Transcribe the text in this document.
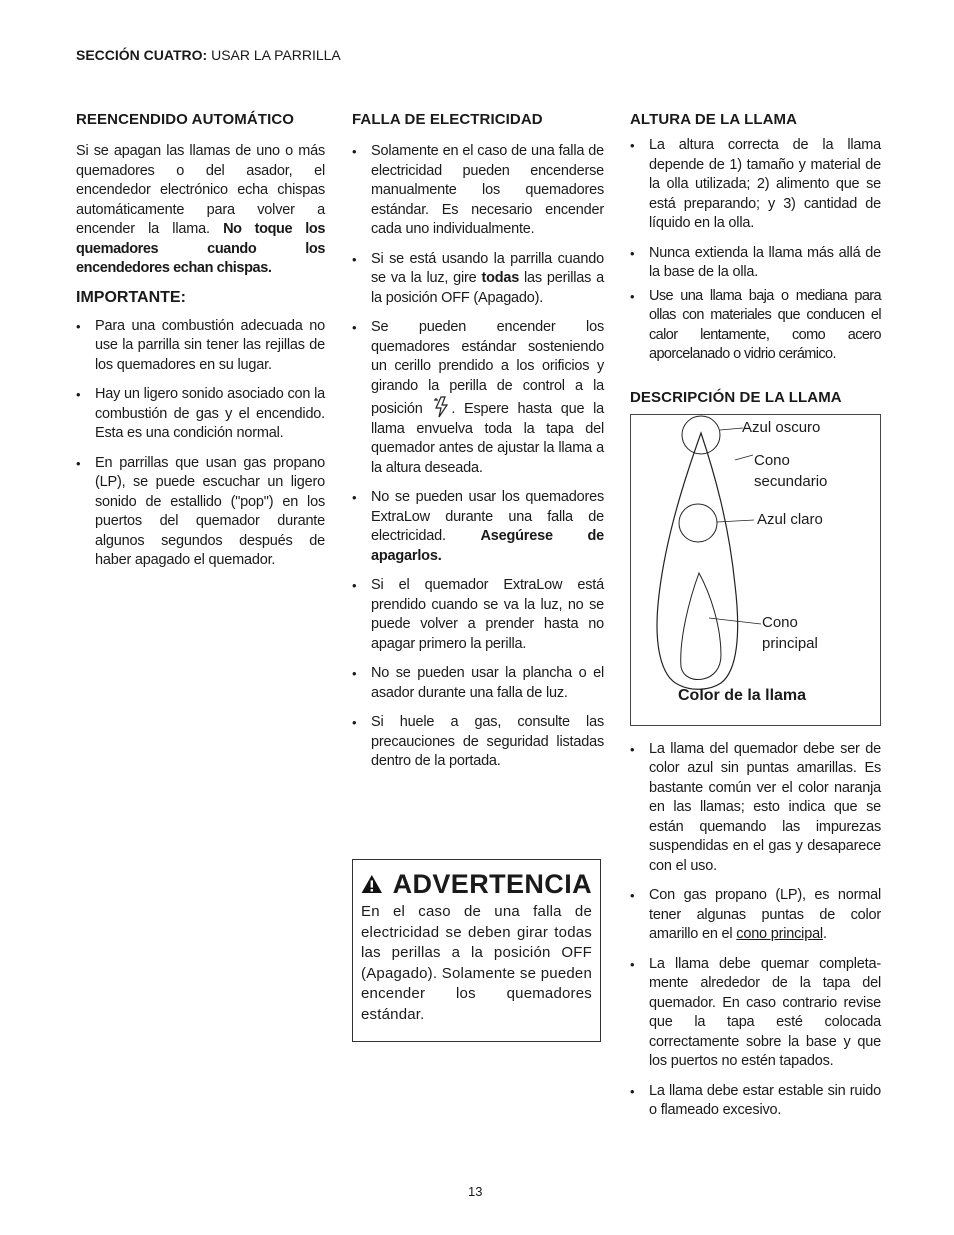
SECCIÓN CUATRO: USAR LA PARRILLA
REENCENDIDO AUTOMÁTICO

Si se apagan las llamas de uno o más quemadores o del asador, el encendedor electrónico echa chispas automáticamente para volver a encender la llama. No toque los quemadores cuando los encendedores echan chispas.

IMPORTANTE:
• Para una combustión adecuada no use la parrilla sin tener las rejillas de los quemadores en su lugar.
• Hay un ligero sonido asociado con la combustión de gas y el encendido. Esta es una condición normal.
• En parrillas que usan gas propano (LP), se puede escuchar un ligero sonido de estallido ("pop") en los puertos del quemador durante algunos segundos después de haber apagado el quemador.
FALLA DE ELECTRICIDAD
• Solamente en el caso de una falla de electricidad pueden encenderse manualmente los quemadores estándar. Es necesario encender cada uno individualmente.
• Si se está usando la parrilla cuando se va la luz, gire todas las perillas a la posición OFF (Apagado).
• Se pueden encender los quemadores estándar sosteniendo un cerillo prendido a los orificios y girando la perilla de control a la posición . Espere hasta que la llama envuelva toda la tapa del quemador antes de ajustar la llama a la altura deseada.
• No se pueden usar los quemadores ExtraLow durante una falla de electricidad. Asegúrese de apagarlos.
• Si el quemador ExtraLow está prendido cuando se va la luz, no se puede volver a prender hasta no apagar primero la perilla.
• No se pueden usar la plancha o el asador durante una falla de luz.
• Si huele a gas, consulte las precauciones de seguridad listadas dentro de la portada.
ADVERTENCIA

En el caso de una falla de electricidad se deben girar todas las perillas a la posición OFF (Apagado). Solamente se pueden encender los quemadores estándar.

ALTURA DE LA LLAMA
• La altura correcta de la llama depende de 1) tamaño y material de la olla utilizada; 2) alimento que se está preparando; y 3) cantidad de líquido en la olla.
• Nunca extienda la llama más allá de la base de la olla.
• Use una llama baja o mediana para ollas con materiales que conducen el calor lentamente, como acero aporcelanado o vidrio cerámico.
DESCRIPCIÓN DE LA LLAMA
Azul oscuro
Cono
secundario
Azul claro
Cono
principal
Color de la llama
• La llama del quemador debe ser de color azul sin puntas amarillas. Es bastante común ver el color naranja en las llamas; esto indica que se están quemando las impurezas suspendidas en el gas y desaparece con el uso.
• Con gas propano (LP), es normal tener algunas puntas de color amarillo en el cono principal.
• La llama debe quemar completa- mente alrededor de la tapa del quemador. En caso contrario revise que la tapa esté colocada correctamente sobre la base y que los puertos no estén tapados.
• La llama debe estar estable sin ruido o flameado excesivo.
13
